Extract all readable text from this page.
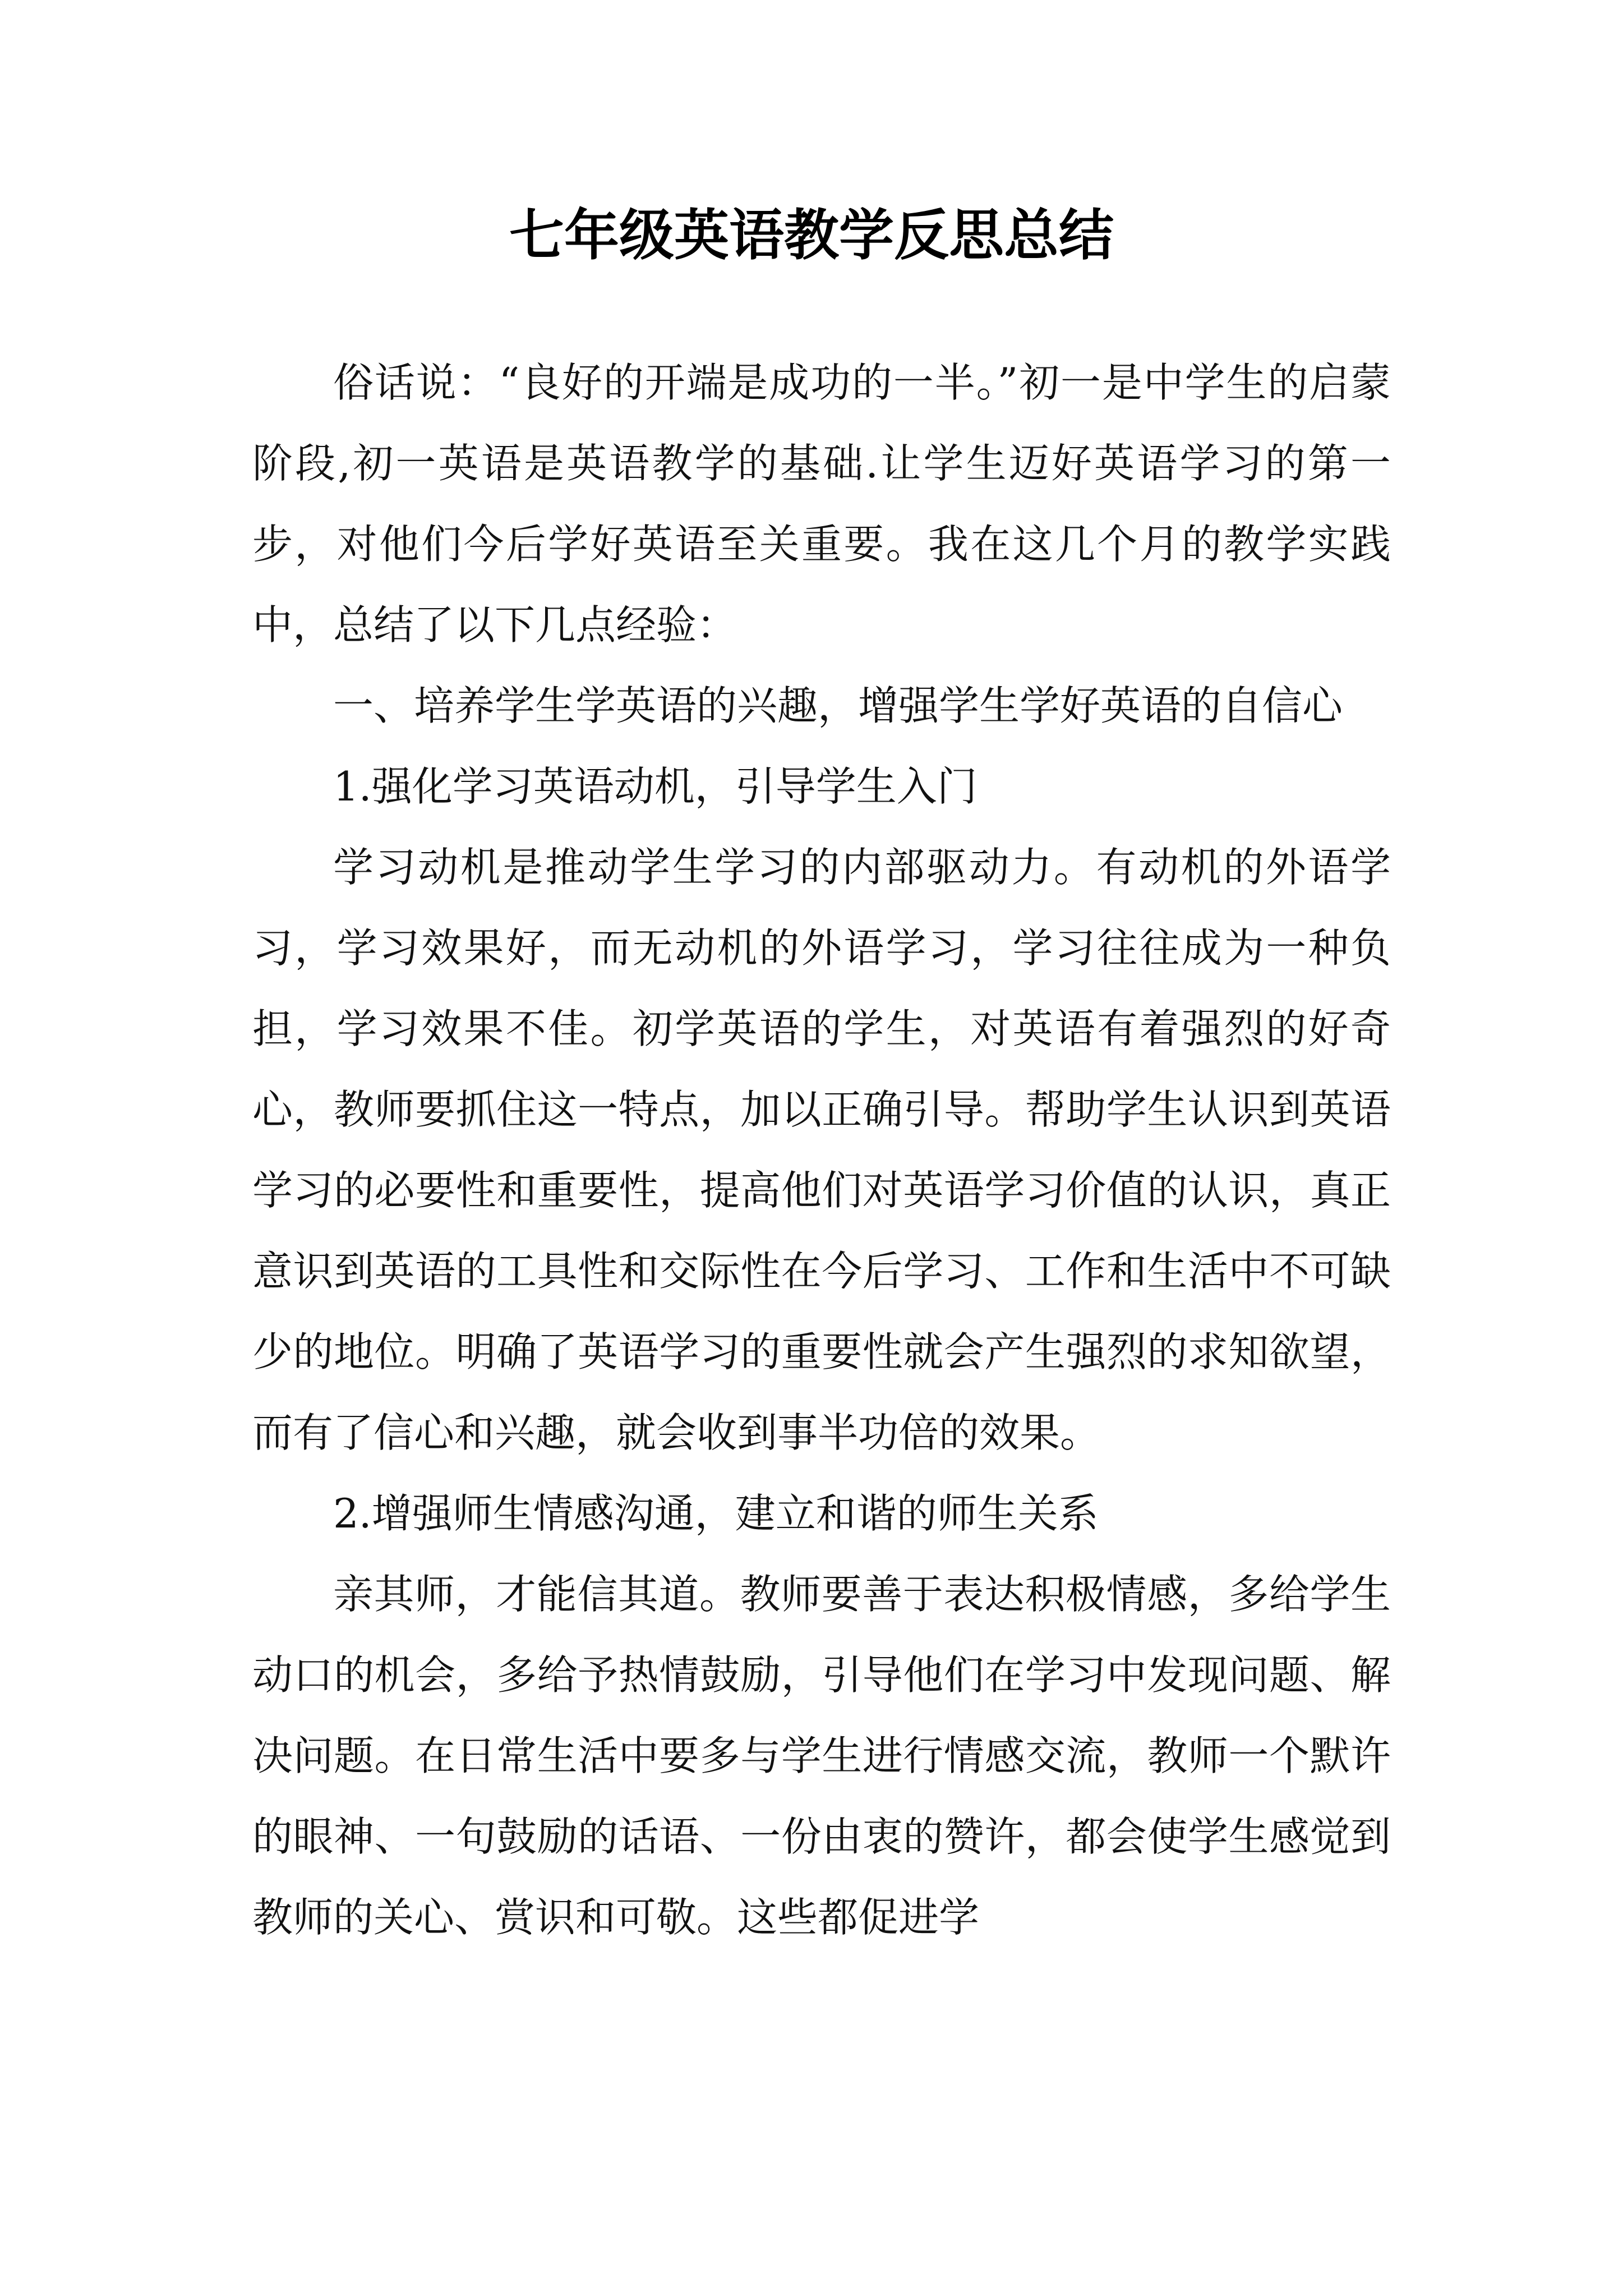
七年级英语教学反思总结

俗话说：“良好的开端是成功的一半。”初一是中学生的启蒙阶段,初一英语是英语教学的基础.让学生迈好英语学习的第一步，对他们今后学好英语至关重要。我在这几个月的教学实践中，总结了以下几点经验：

一、培养学生学英语的兴趣，增强学生学好英语的自信心

1.强化学习英语动机，引导学生入门

学习动机是推动学生学习的内部驱动力。有动机的外语学习，学习效果好，而无动机的外语学习，学习往往成为一种负担，学习效果不佳。初学英语的学生，对英语有着强烈的好奇心，教师要抓住这一特点，加以正确引导。帮助学生认识到英语学习的必要性和重要性，提高他们对英语学习价值的认识，真正意识到英语的工具性和交际性在今后学习、工作和生活中不可缺少的地位。明确了英语学习的重要性就会产生强烈的求知欲望，而有了信心和兴趣，就会收到事半功倍的效果。

2.增强师生情感沟通，建立和谐的师生关系

亲其师，才能信其道。教师要善于表达积极情感，多给学生动口的机会，多给予热情鼓励，引导他们在学习中发现问题、解决问题。在日常生活中要多与学生进行情感交流，教师一个默许的眼神、一句鼓励的话语、一份由衷的赞许，都会使学生感觉到教师的关心、赏识和可敬。这些都促进学
